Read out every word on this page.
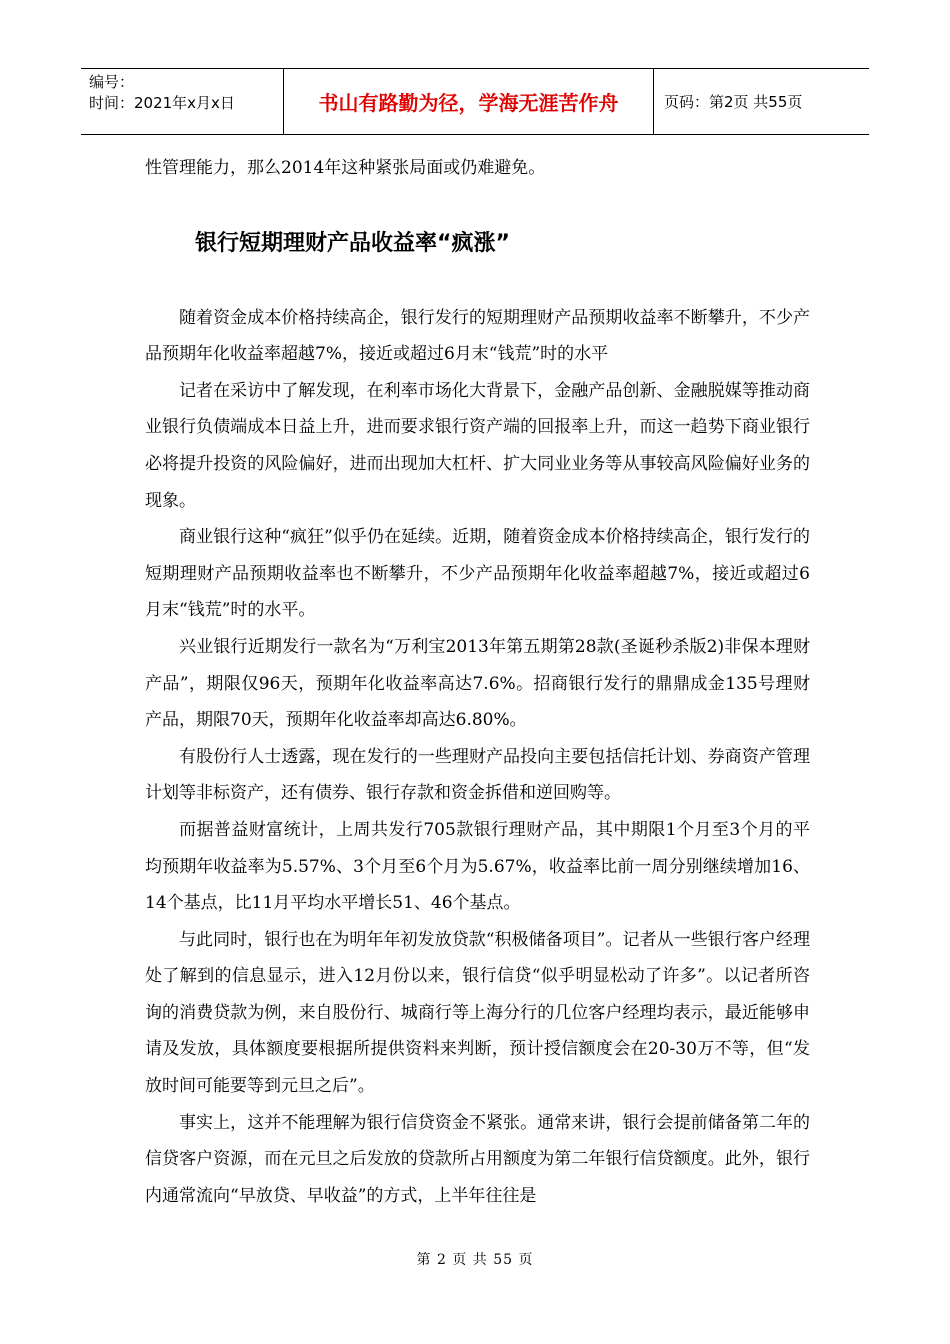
编号：
时间：2021年x月x日	书山有路勤为径，学海无涯苦作舟	页码：第2页 共55页

性管理能力，那么2014年这种紧张局面或仍难避免。

银行短期理财产品收益率“疯涨”

随着资金成本价格持续高企，银行发行的短期理财产品预期收益率不断攀升，不少产品预期年化收益率超越7%，接近或超过6月末“钱荒”时的水平

记者在采访中了解发现，在利率市场化大背景下，金融产品创新、金融脱媒等推动商业银行负债端成本日益上升，进而要求银行资产端的回报率上升，而这一趋势下商业银行必将提升投资的风险偏好，进而出现加大杠杆、扩大同业业务等从事较高风险偏好业务的现象。

商业银行这种“疯狂”似乎仍在延续。近期，随着资金成本价格持续高企，银行发行的短期理财产品预期收益率也不断攀升，不少产品预期年化收益率超越7%，接近或超过6月末“钱荒”时的水平。

兴业银行近期发行一款名为“万利宝2013年第五期第28款(圣诞秒杀版2)非保本理财产品”，期限仅96天，预期年化收益率高达7.6%。招商银行发行的鼎鼎成金135号理财产品，期限70天，预期年化收益率却高达6.80%。

有股份行人士透露，现在发行的一些理财产品投向主要包括信托计划、券商资产管理计划等非标资产，还有债券、银行存款和资金拆借和逆回购等。

而据普益财富统计，上周共发行705款银行理财产品，其中期限1个月至3个月的平均预期年收益率为5.57%、3个月至6个月为5.67%，收益率比前一周分别继续增加16、14个基点，比11月平均水平增长51、46个基点。

与此同时，银行也在为明年年初发放贷款“积极储备项目”。记者从一些银行客户经理处了解到的信息显示，进入12月份以来，银行信贷“似乎明显松动了许多”。以记者所咨询的消费贷款为例，来自股份行、城商行等上海分行的几位客户经理均表示，最近能够申请及发放，具体额度要根据所提供资料来判断，预计授信额度会在20-30万不等，但“发放时间可能要等到元旦之后”。

事实上，这并不能理解为银行信贷资金不紧张。通常来讲，银行会提前储备第二年的信贷客户资源，而在元旦之后发放的贷款所占用额度为第二年银行信贷额度。此外，银行内通常流向“早放贷、早收益”的方式，上半年往往是

第 2 页 共 55 页
